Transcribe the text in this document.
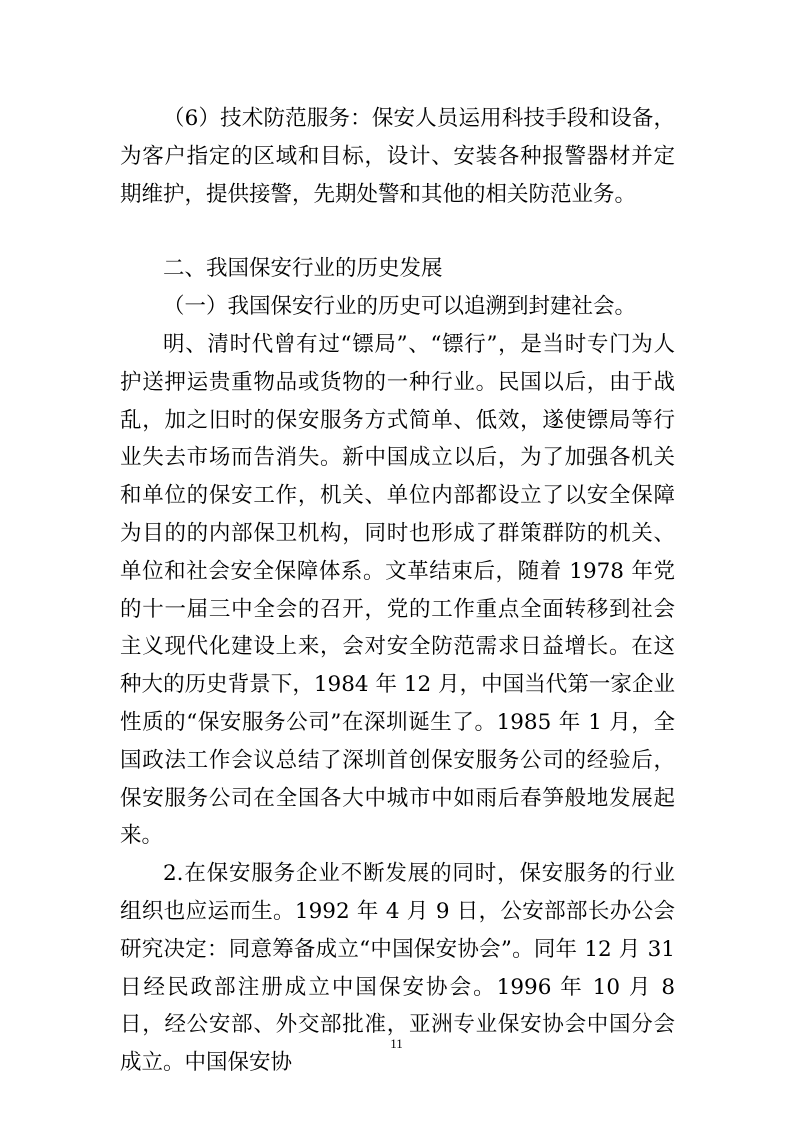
（6）技术防范服务：保安人员运用科技手段和设备，为客户指定的区域和目标，设计、安装各种报警器材并定期维护，提供接警，先期处警和其他的相关防范业务。

二、我国保安行业的历史发展

（一）我国保安行业的历史可以追溯到封建社会。

明、清时代曾有过“镖局”、“镖行”，是当时专门为人护送押运贵重物品或货物的一种行业。民国以后，由于战乱，加之旧时的保安服务方式简单、低效，遂使镖局等行业失去市场而告消失。新中国成立以后，为了加强各机关和单位的保安工作，机关、单位内部都设立了以安全保障为目的的内部保卫机构，同时也形成了群策群防的机关、单位和社会安全保障体系。文革结束后，随着 1978 年党的十一届三中全会的召开，党的工作重点全面转移到社会主义现代化建设上来，会对安全防范需求日益增长。在这种大的历史背景下，1984 年 12 月，中国当代第一家企业性质的“保安服务公司”在深圳诞生了。1985 年 1 月，全国政法工作会议总结了深圳首创保安服务公司的经验后，保安服务公司在全国各大中城市中如雨后春笋般地发展起来。

2.在保安服务企业不断发展的同时，保安服务的行业组织也应运而生。1992 年 4 月 9 日，公安部部长办公会研究决定：同意筹备成立“中国保安协会”。同年 12 月 31 日经民政部注册成立中国保安协会。1996 年 10 月 8 日，经公安部、外交部批准，亚洲专业保安协会中国分会成立。中国保安协

11
